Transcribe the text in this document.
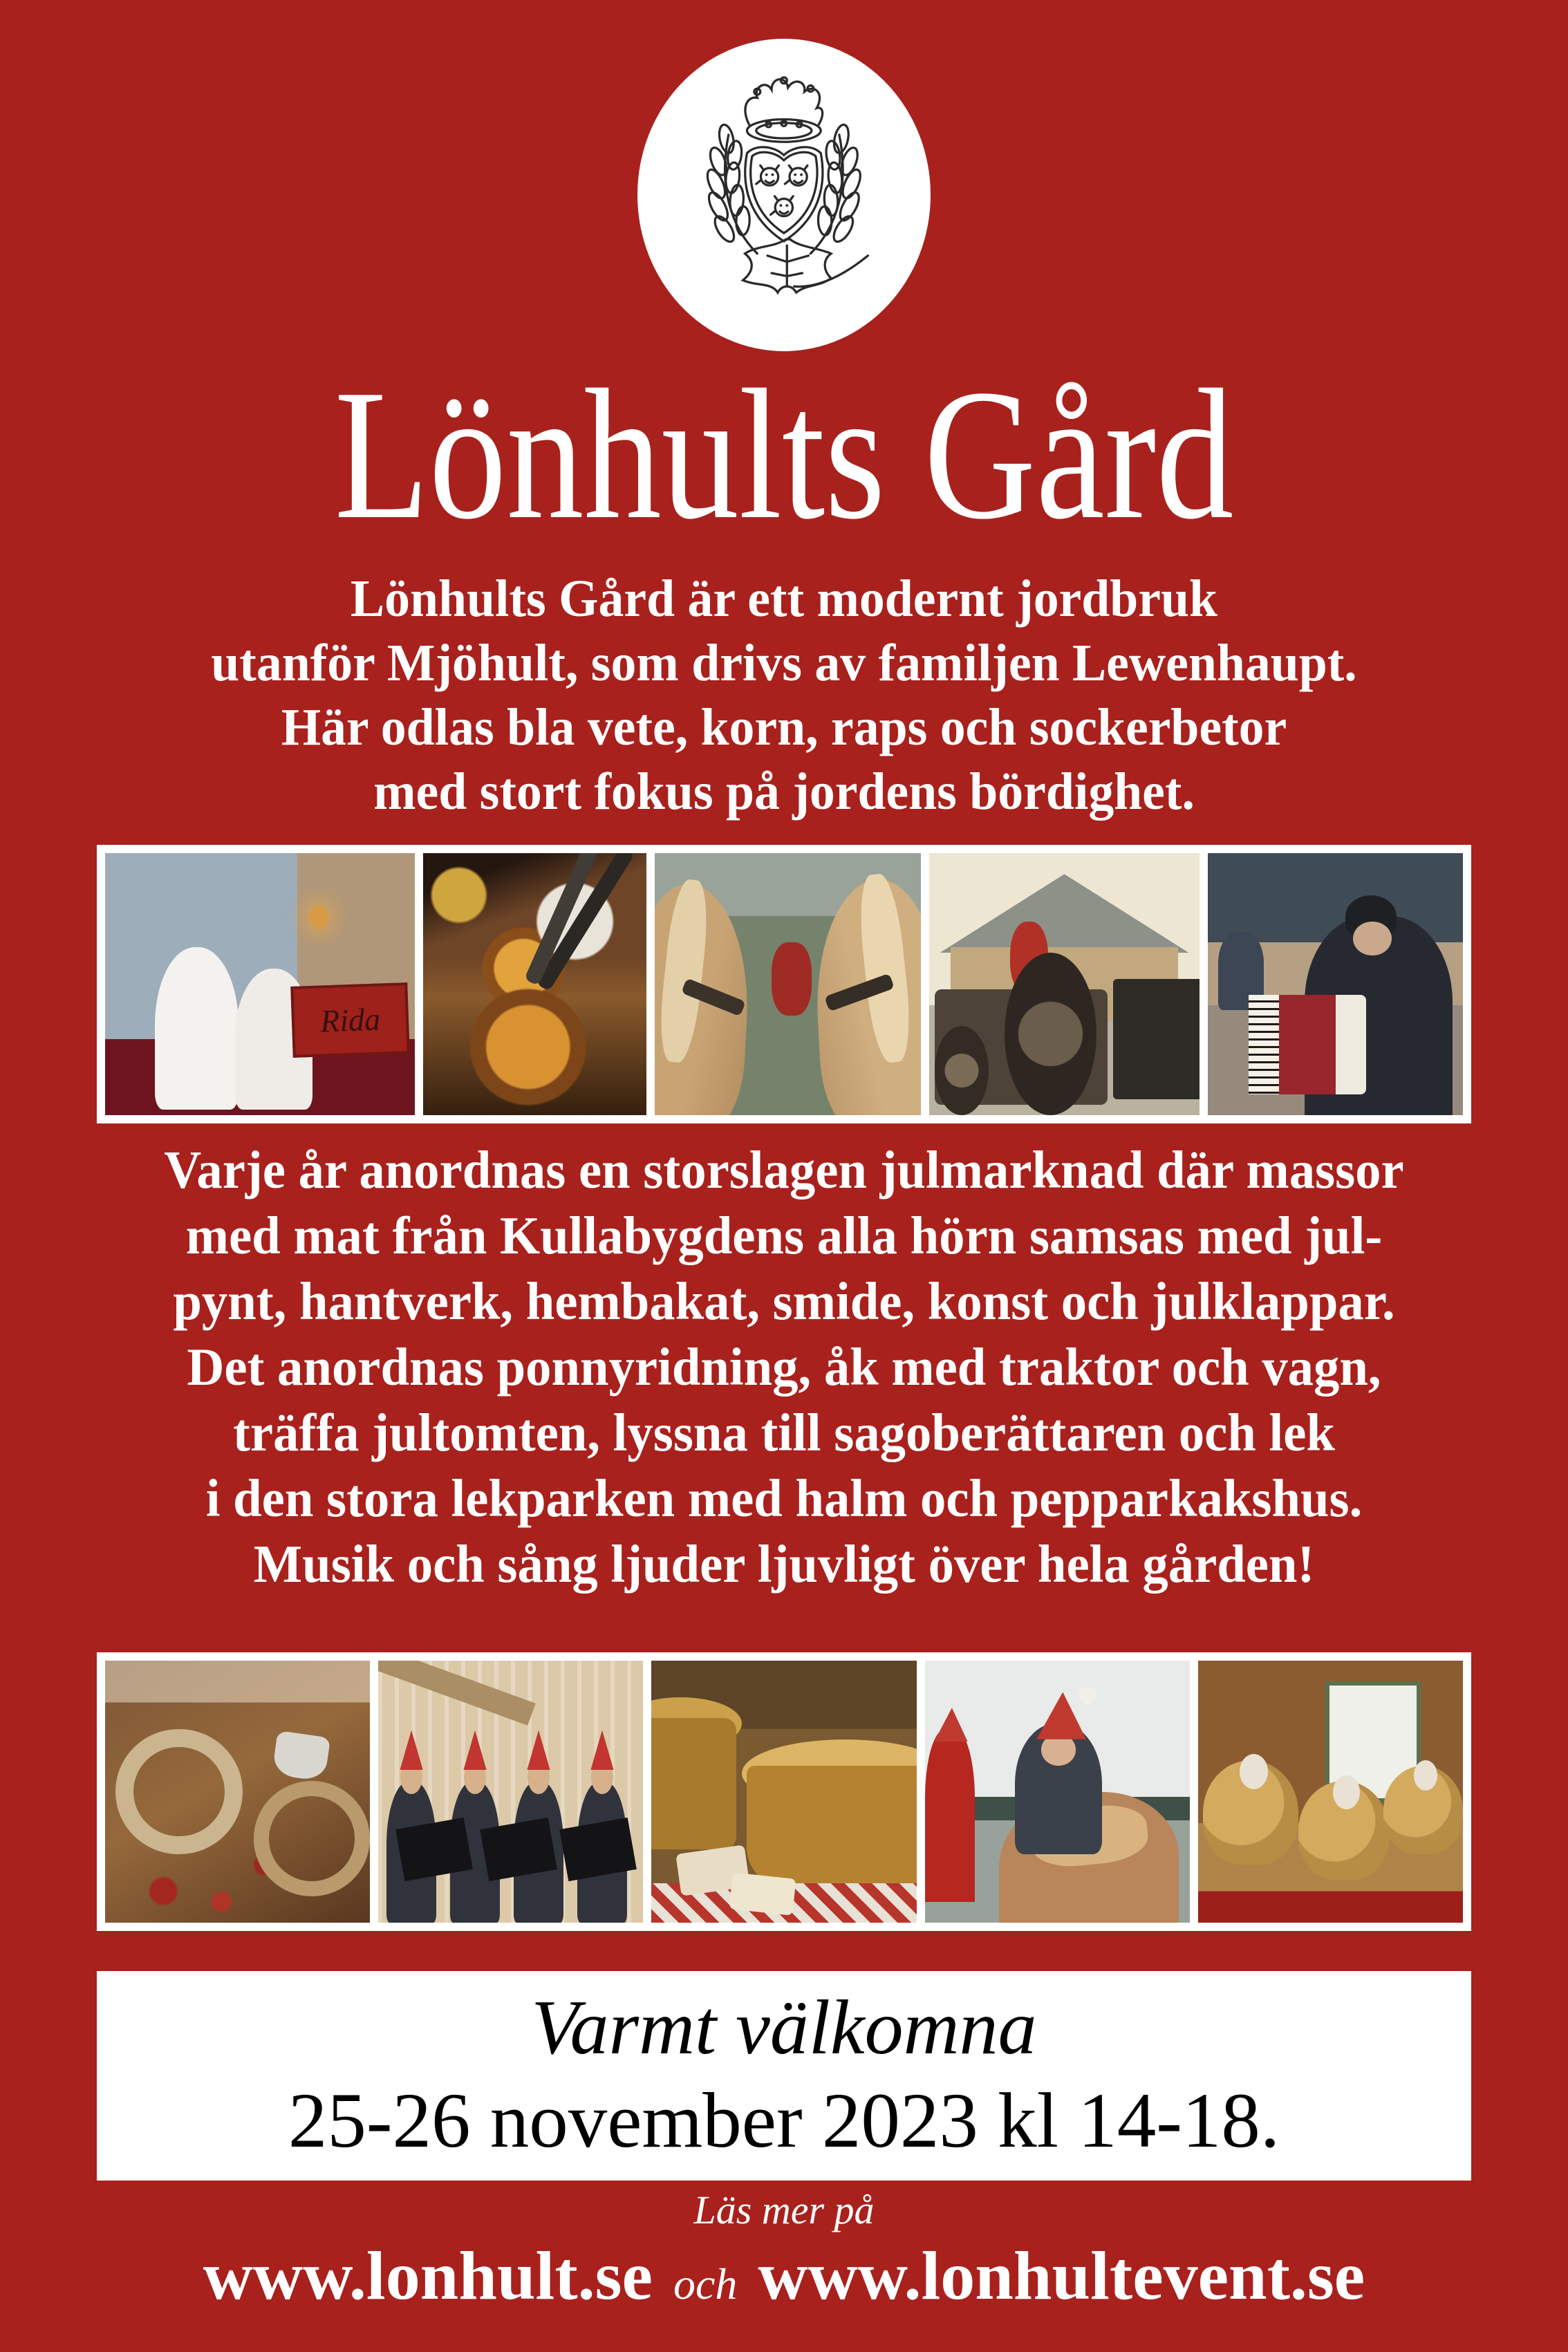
Lönhults Gård
Lönhults Gård är ett modernt jordbruk
utanför Mjöhult, som drivs av familjen Lewenhaupt.
Här odlas bla vete, korn, raps och sockerbetor
med stort fokus på jordens bördighet.
Rida
Varje år anordnas en storslagen julmarknad där massor
med mat från Kullabygdens alla hörn samsas med jul-
pynt, hantverk, hembakat, smide, konst och julklappar.
Det anordnas ponnyridning, åk med traktor och vagn,
träffa jultomten, lyssna till sagoberättaren och lek
i den stora lekparken med halm och pepparkakshus.
Musik och sång ljuder ljuvligt över hela gården!
Varmt välkomna
25-26 november 2023 kl 14-18.
Läs mer på
www.lonhult.se och www.lonhultevent.se
